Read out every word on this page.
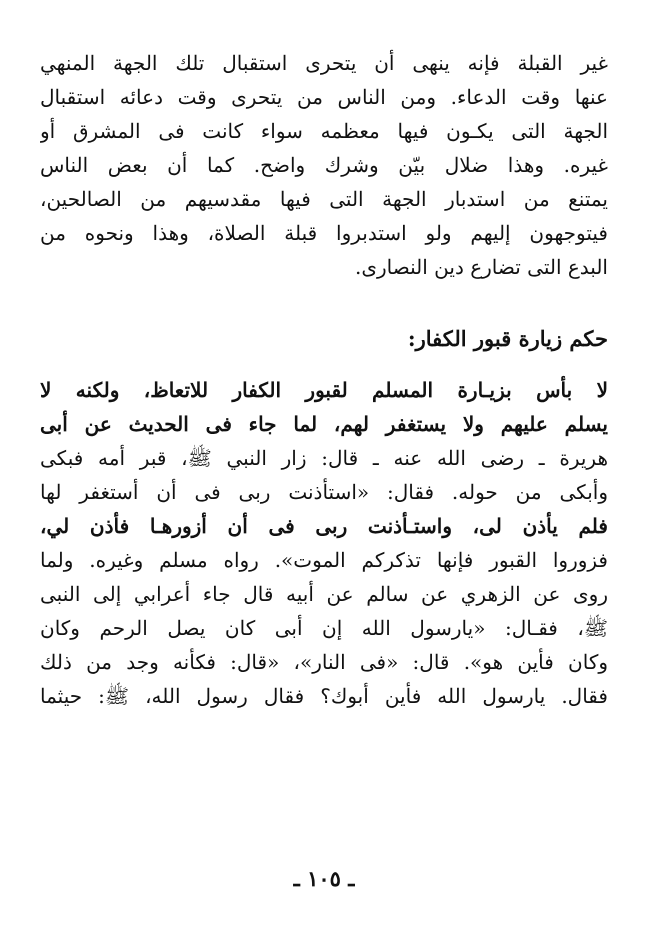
غير القبلة فإنه ينهى أن يتحرى استقبال تلك الجهة المنهي
عنها وقت الدعاء. ومن الناس من يتحرى وقت دعائه استقبال
الجهة التى يكـون فيها معظمه سواء كانت فى المشرق أو
غيره. وهذا ضلال بيّن وشرك واضح. كما أن بعض الناس
يمتنع من استدبار الجهة التى فيها مقدسيهم من الصالحين،
فيتوجهون إليهم ولو استدبروا قبلة الصلاة، وهذا ونحوه من
البدع التى تضارع دين النصارى.
حكم زيارة قبور الكفار:
لا بأس بزيـارة المسلم لقبور الكفار للاتعاظ، ولكنه لا
يسلم عليهم ولا يستغفر لهم، لما جاء فى الحديث عن أبى
هريرة ـ رضى الله عنه ـ قال: زار النبي ﷺ، قبر أمه فبكى
وأبكى من حوله. فقال: «استأذنت ربى فى أن أستغفر لها
فلم يأذن لى، واستـأذنت ربى فى أن أزورهـا فأذن لي،
فزوروا القبور فإنها تذكركم الموت». رواه مسلم وغيره. ولما
روى عن الزهري عن سالم عن أبيه قال جاء أعرابي إلى النبى
ﷺ، فقـال: «يارسول الله إن أبى كان يصل الرحم وكان
وكان فأين هو». قال: «فى النار»، «قال: فكأنه وجد من ذلك
فقال. يارسول الله فأين أبوك؟ فقال رسول الله، ﷺ: حيثما
ـ ١٠٥ ـ
